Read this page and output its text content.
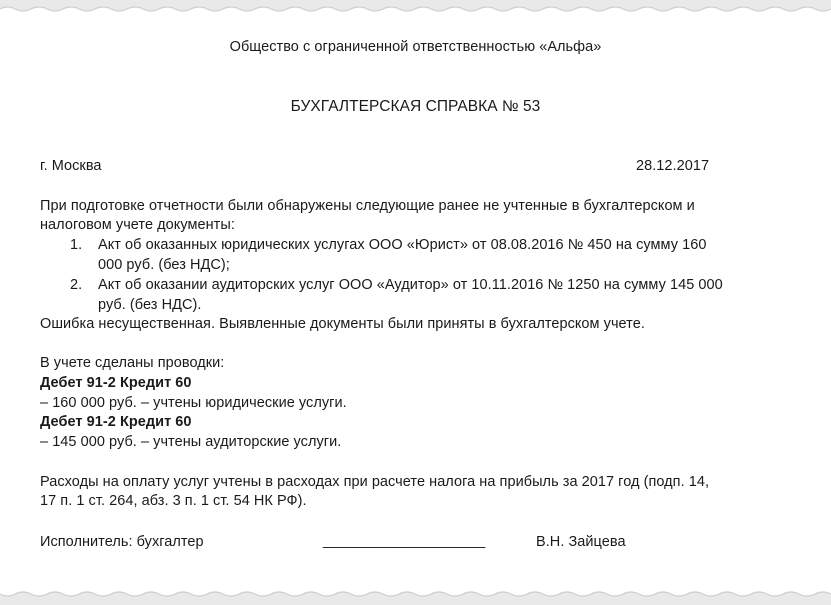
Общество с ограниченной ответственностью «Альфа»
БУХГАЛТЕРСКАЯ СПРАВКА № 53
г. Москва	28.12.2017
При подготовке отчетности были обнаружены следующие ранее не учтенные в бухгалтерском и
налоговом учете документы:
1. Акт об оказанных юридических услугах ООО «Юрист» от 08.08.2016 № 450 на сумму 160
000 руб. (без НДС);
2. Акт об оказании аудиторских услуг ООО «Аудитор» от 10.11.2016 № 1250 на сумму 145 000
руб. (без НДС).
Ошибка несущественная. Выявленные документы были приняты в бухгалтерском учете.
В учете сделаны проводки:
Дебет 91-2 Кредит 60
– 160 000 руб. – учтены юридические услуги.
Дебет 91-2 Кредит 60
– 145 000 руб. – учтены аудиторские услуги.
Расходы на оплату услуг учтены в расходах при расчете налога на прибыль за 2017 год (подп. 14,
17 п. 1 ст. 264, абз. 3 п. 1 ст. 54 НК РФ).
Исполнитель: бухгалтер	____________________	В.Н. Зайцева
